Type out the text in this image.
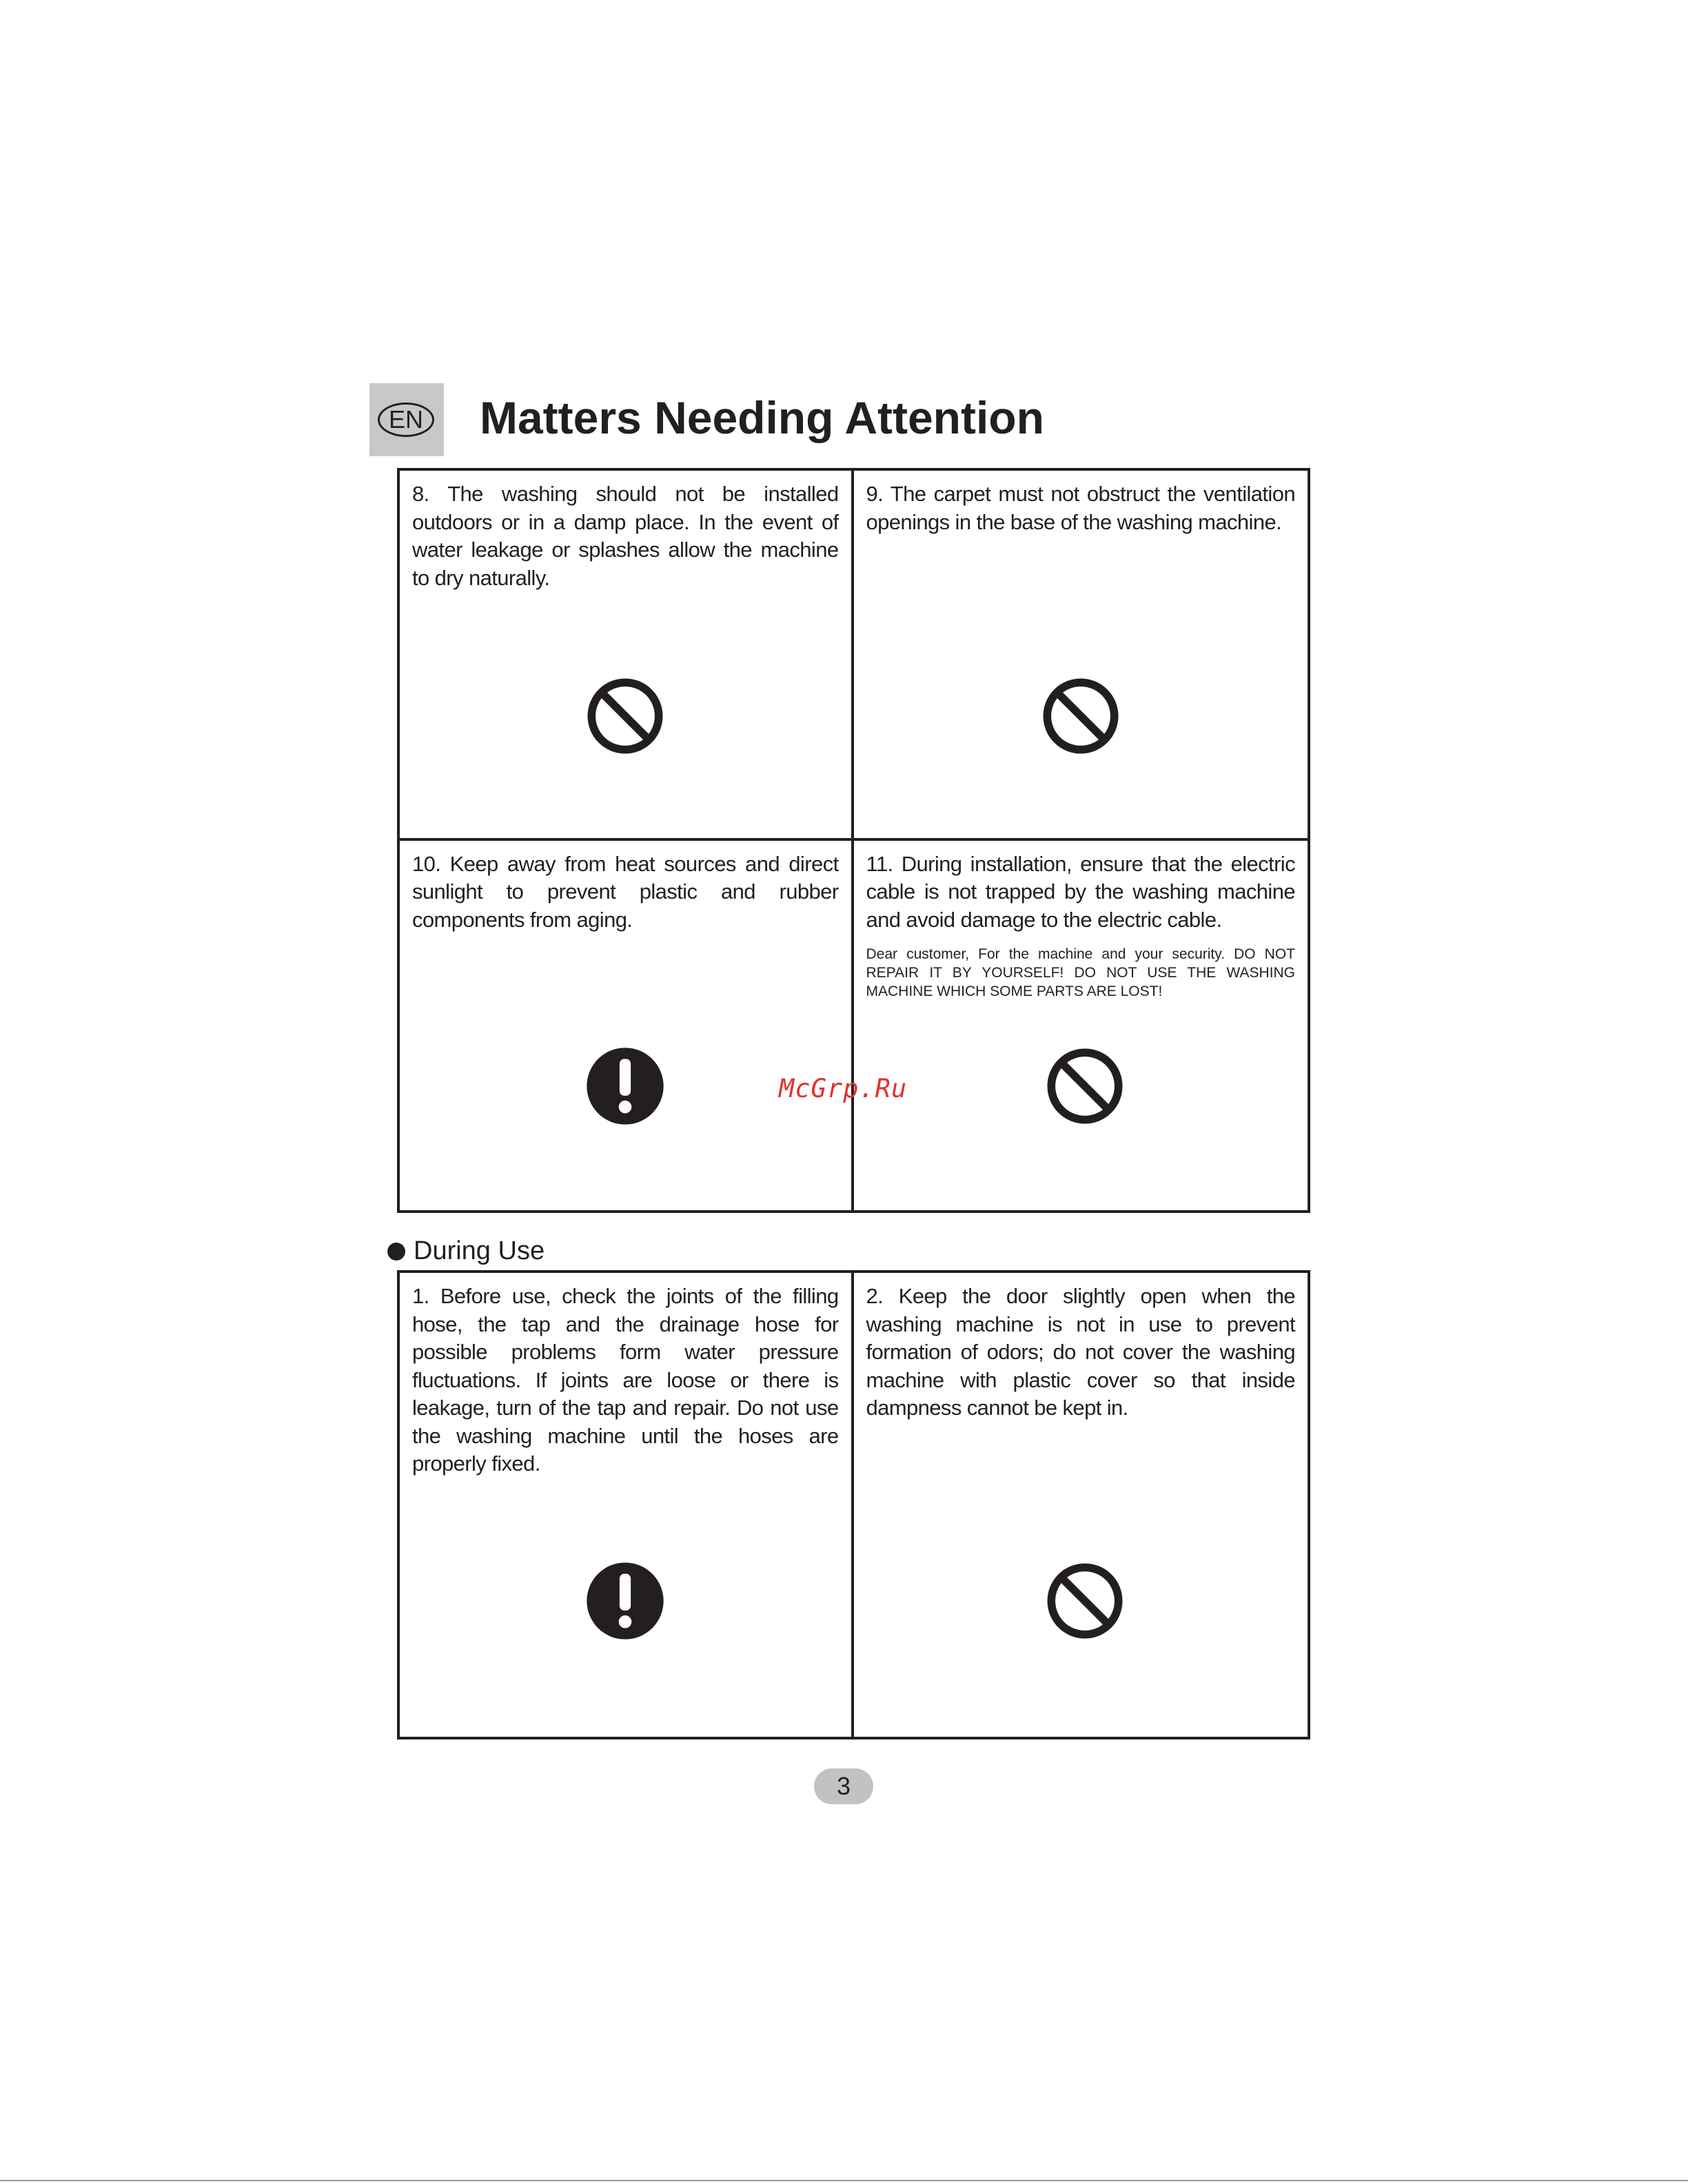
EN Matters Needing Attention

8. The washing should not be installed outdoors or in a damp place. In the event of water leakage or splashes allow the machine to dry naturally.

9. The carpet must not obstruct the ventilation openings in the base of the washing machine.

10. Keep away from heat sources and direct sunlight to prevent plastic and rubber components from aging.

11. During installation, ensure that the electric cable is not trapped by the washing machine and avoid damage to the electric cable.

Dear customer, For the machine and your security. DO NOT REPAIR IT BY YOURSELF! DO NOT USE THE WASHING MACHINE WHICH SOME PARTS ARE LOST!

During Use

1. Before use, check the joints of the filling hose, the tap and the drainage hose for possible problems form water pressure fluctuations. If joints are loose or there is leakage, turn of the tap and repair. Do not use the washing machine until the hoses are properly fixed.

2. Keep the door slightly open when the washing machine is not in use to prevent formation of odors; do not cover the washing machine with plastic cover so that inside dampness cannot be kept in.

McGrp.Ru
3
